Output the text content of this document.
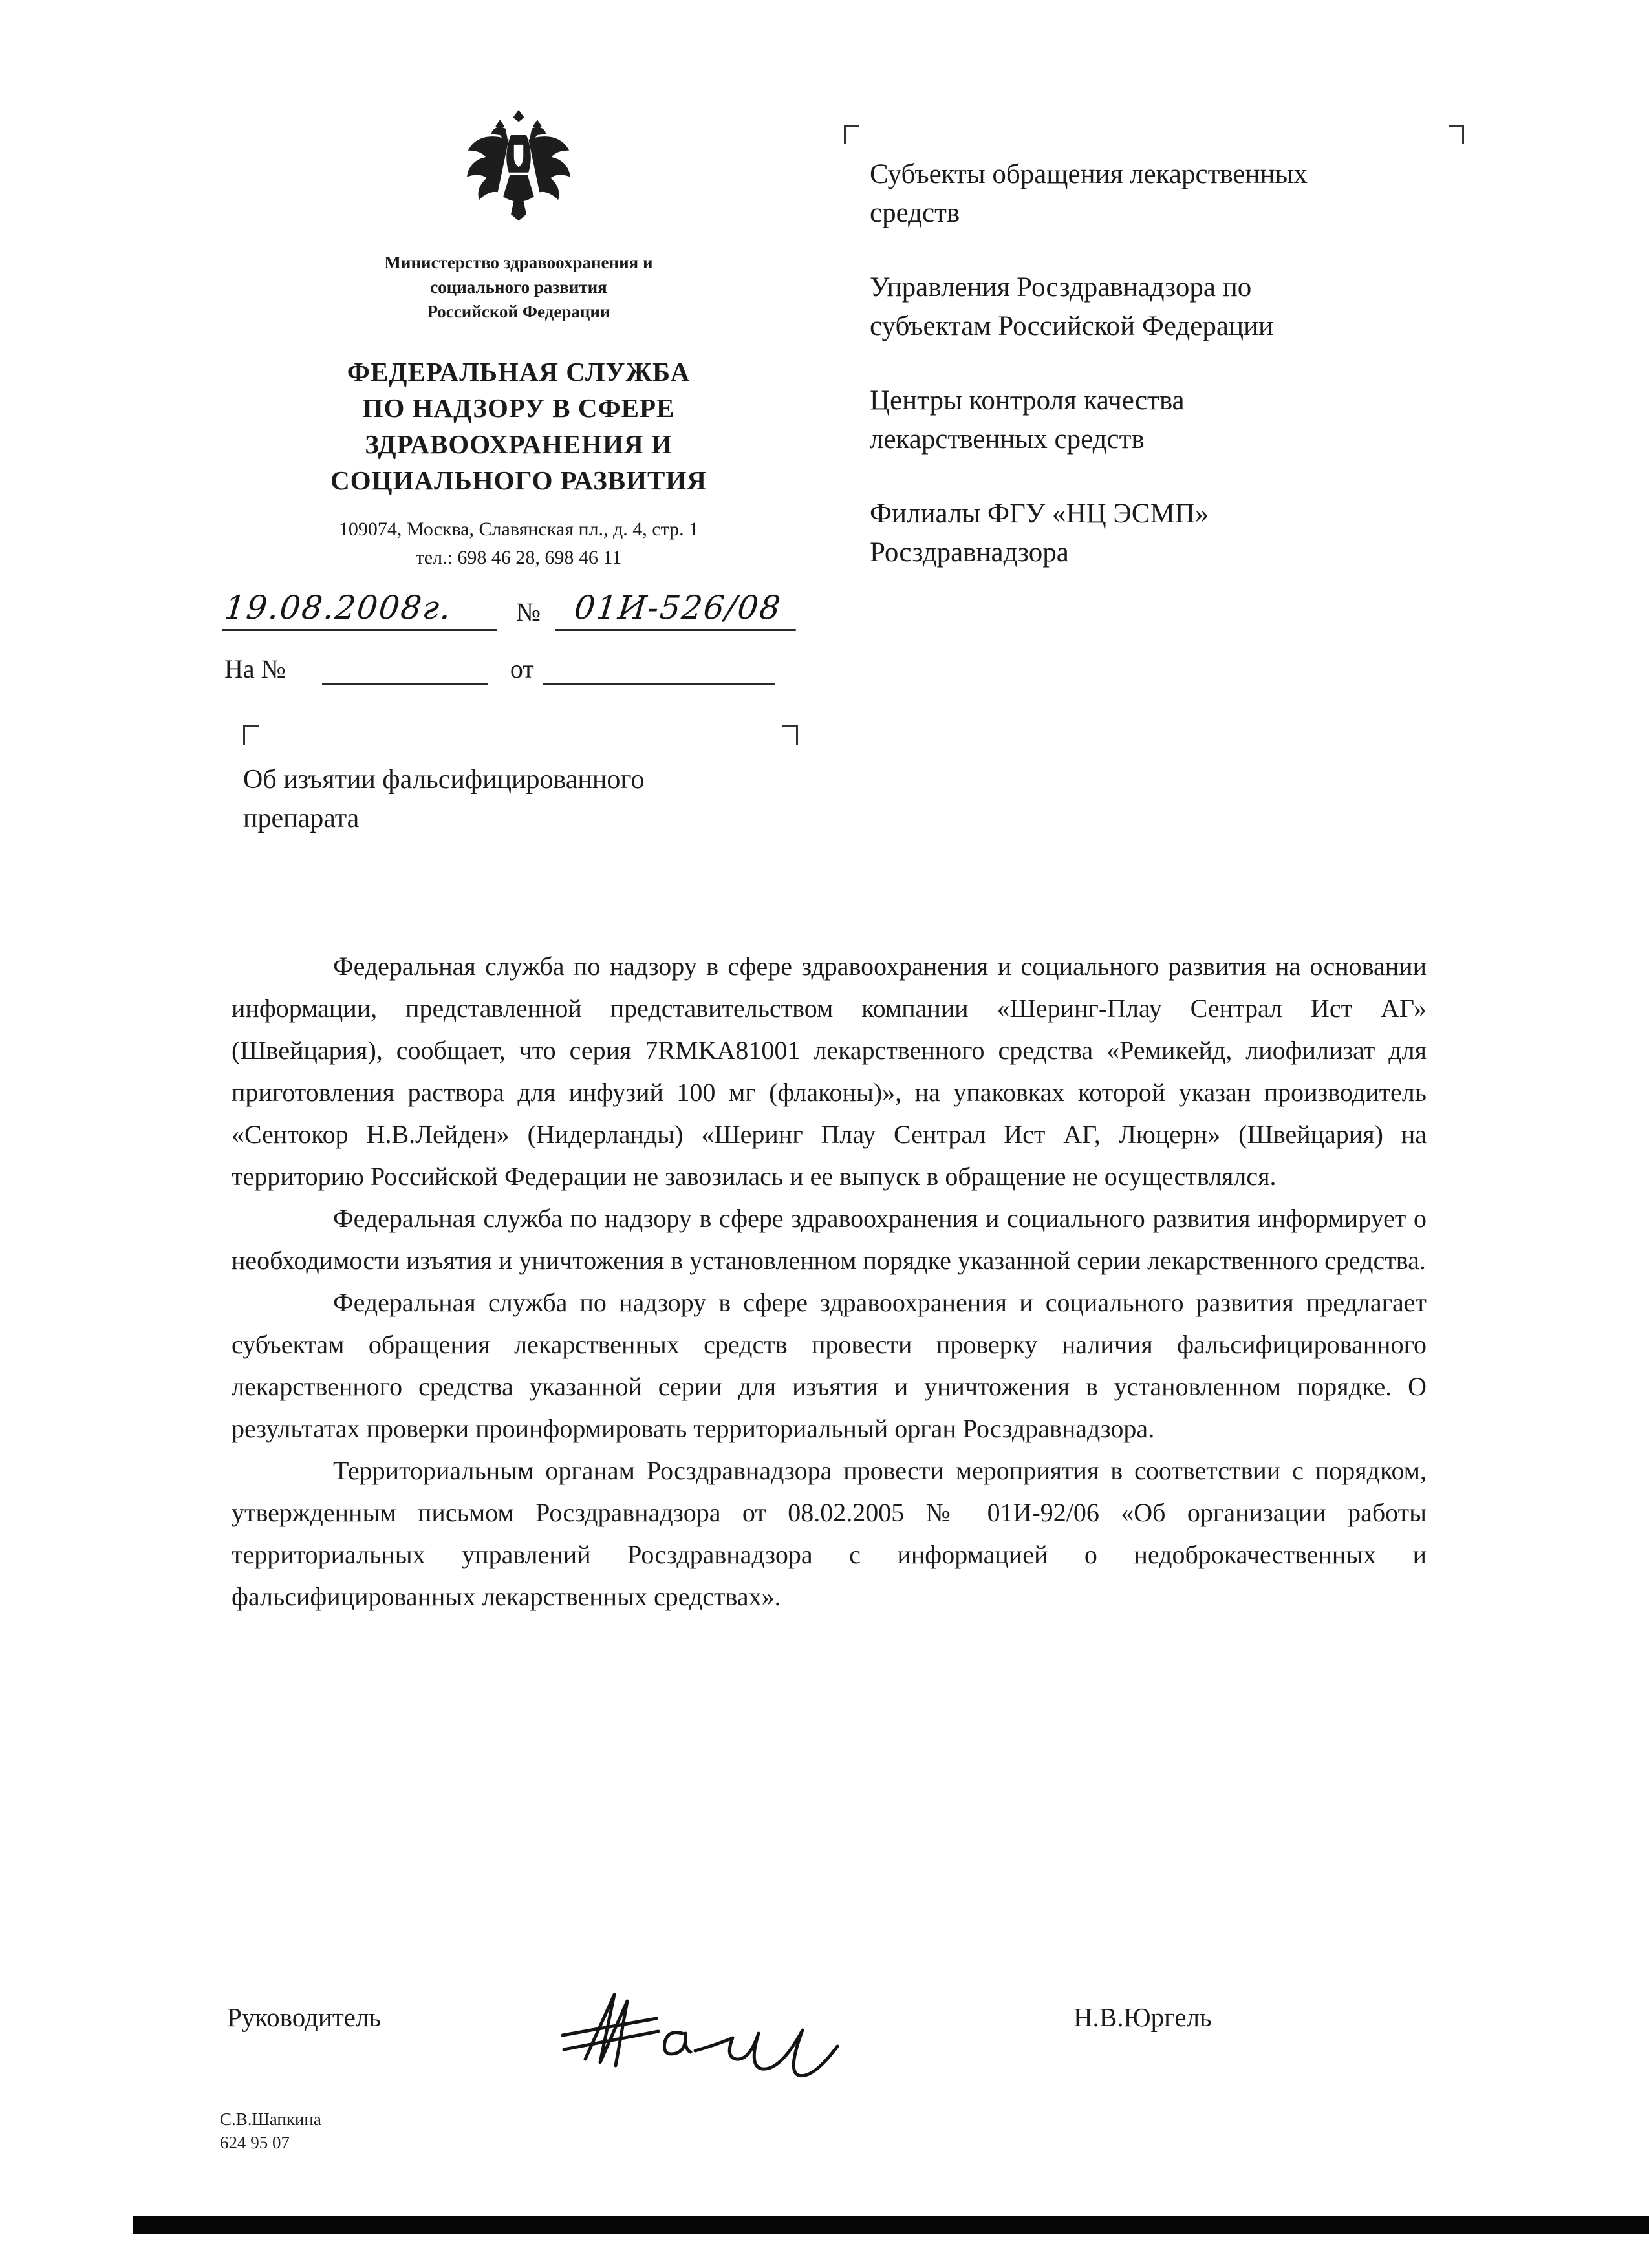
Министерство здравоохранения и
социального развития
Российской Федерации
ФЕДЕРАЛЬНАЯ СЛУЖБА
ПО НАДЗОРУ В СФЕРЕ
ЗДРАВООХРАНЕНИЯ И
СОЦИАЛЬНОГО РАЗВИТИЯ
109074, Москва, Славянская пл., д. 4, стр. 1
тел.: 698 46 28, 698 46 11
19.08.2008г.	№ 01И-526/08
На №	от
Об изъятии фальсифицированного
препарата
Субъекты обращения лекарственных
средств
Управления Росздравнадзора по
субъектам Российской Федерации
Центры контроля качества
лекарственных средств
Филиалы ФГУ «НЦ ЭСМП»
Росздравнадзора

Федеральная служба по надзору в сфере здравоохранения и социального развития на основании информации, представленной представительством компании «Шеринг-Плау Сентрал Ист АГ» (Швейцария), сообщает, что серия 7RMKA81001 лекарственного средства «Ремикейд, лиофилизат для приготовления раствора для инфузий 100 мг (флаконы)», на упаковках которой указан производитель «Сентокор Н.В.Лейден» (Нидерланды) «Шеринг Плау Сентрал Ист АГ, Люцерн» (Швейцария) на территорию Российской Федерации не завозилась и ее выпуск в обращение не осуществлялся.

Федеральная служба по надзору в сфере здравоохранения и социального развития информирует о необходимости изъятия и уничтожения в установленном порядке указанной серии лекарственного средства.

Федеральная служба по надзору в сфере здравоохранения и социального развития предлагает субъектам обращения лекарственных средств провести проверку наличия фальсифицированного лекарственного средства указанной серии для изъятия и уничтожения в установленном порядке. О результатах проверки проинформировать территориальный орган Росздравнадзора.

Территориальным органам Росздравнадзора провести мероприятия в соответствии с порядком, утвержденным письмом Росздравнадзора от 08.02.2005 № 01И-92/06 «Об организации работы территориальных управлений Росздравнадзора с информацией о недоброкачественных и фальсифицированных лекарственных средствах».

Руководитель	Н.В.Юргель
С.В.Шапкина
624 95 07
